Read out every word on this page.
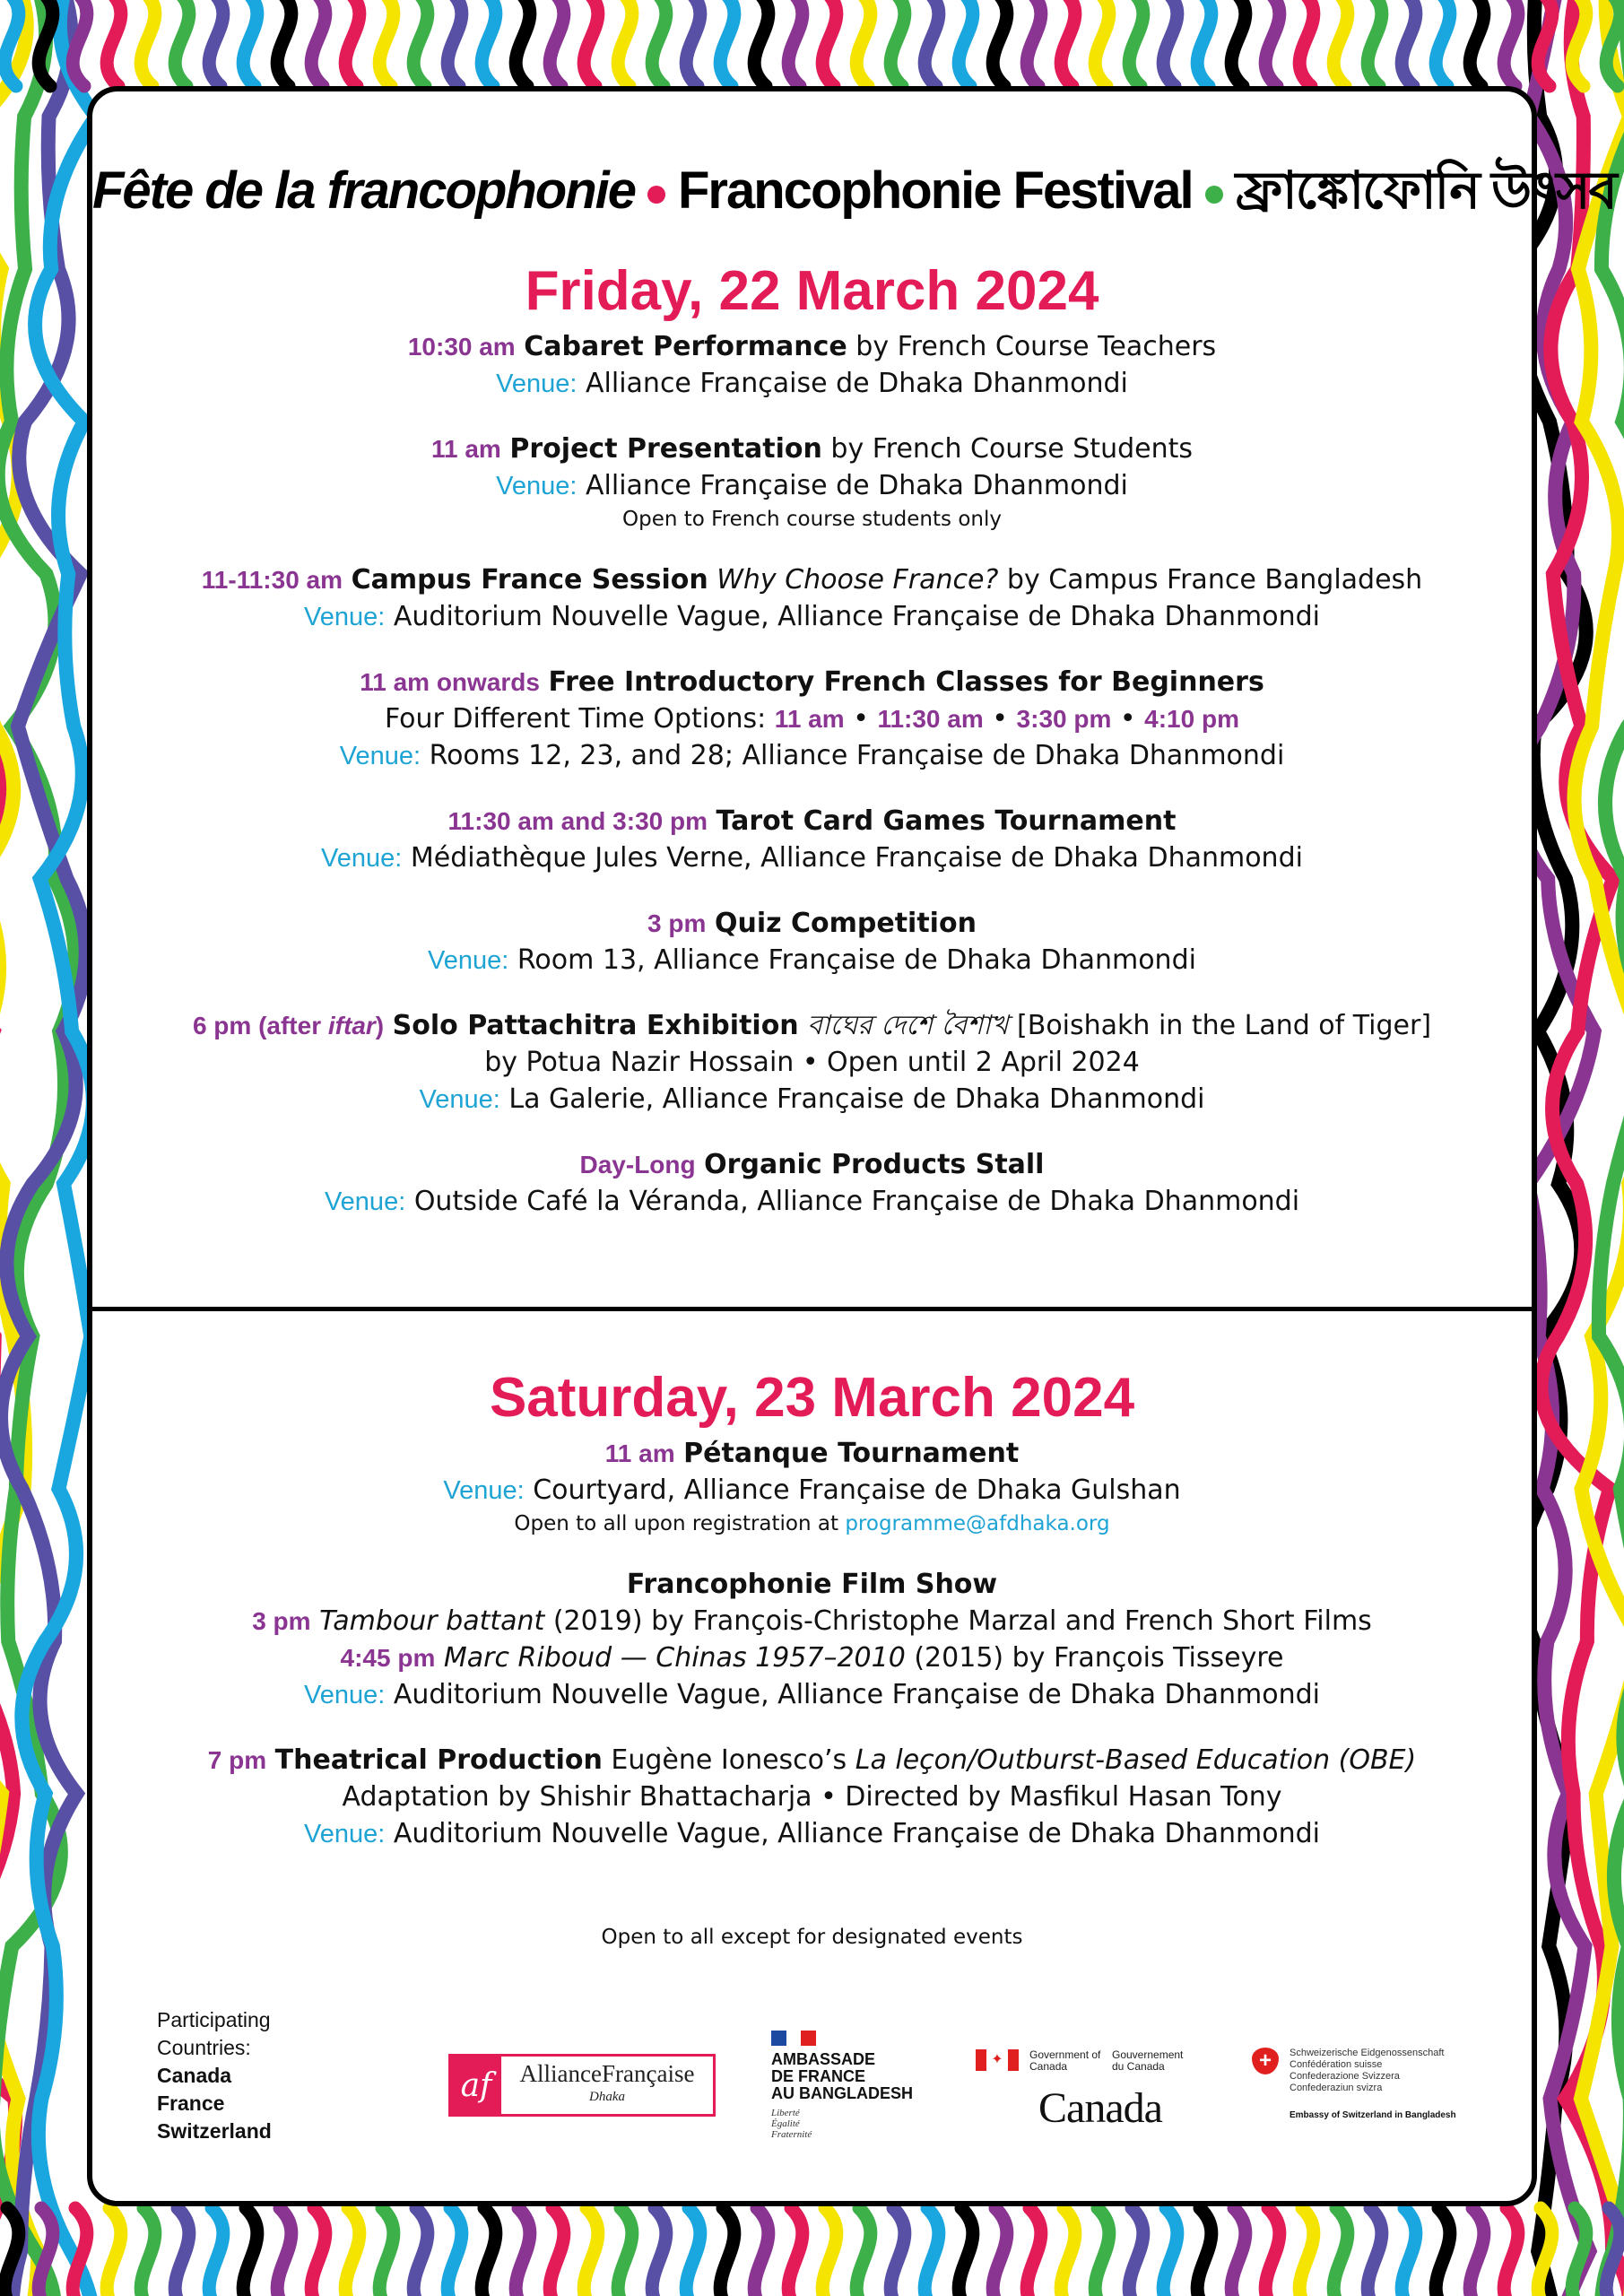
Fête de la francophonie Francophonie Festival ফ্রাঙ্কোফোনি উৎসব
Friday, 22 March 2024
10:30 am Cabaret Performance by French Course Teachers
Venue: Alliance Française de Dhaka Dhanmondi
11 am Project Presentation by French Course Students
Venue: Alliance Française de Dhaka Dhanmondi
Open to French course students only
11-11:30 am Campus France Session Why Choose France? by Campus France Bangladesh
Venue: Auditorium Nouvelle Vague, Alliance Française de Dhaka Dhanmondi
11 am onwards Free Introductory French Classes for Beginners
Four Different Time Options: 11 am • 11:30 am • 3:30 pm • 4:10 pm
Venue: Rooms 12, 23, and 28; Alliance Française de Dhaka Dhanmondi
11:30 am and 3:30 pm Tarot Card Games Tournament
Venue: Médiathèque Jules Verne, Alliance Française de Dhaka Dhanmondi
3 pm Quiz Competition
Venue: Room 13, Alliance Française de Dhaka Dhanmondi
6 pm (after iftar) Solo Pattachitra Exhibition বাঘের দেশে বৈশাখ [Boishakh in the Land of Tiger]
by Potua Nazir Hossain • Open until 2 April 2024
Venue: La Galerie, Alliance Française de Dhaka Dhanmondi
Day-Long Organic Products Stall
Venue: Outside Café la Véranda, Alliance Française de Dhaka Dhanmondi
Saturday, 23 March 2024
11 am Pétanque Tournament
Venue: Courtyard, Alliance Française de Dhaka Gulshan
Open to all upon registration at programme@afdhaka.org
Francophonie Film Show
3 pm Tambour battant (2019) by François-Christophe Marzal and French Short Films
4:45 pm Marc Riboud — Chinas 1957–2010 (2015) by François Tisseyre
Venue: Auditorium Nouvelle Vague, Alliance Française de Dhaka Dhanmondi
7 pm Theatrical Production Eugène Ionesco’s La leçon/Outburst-Based Education (OBE)
Adaptation by Shishir Bhattacharja • Directed by Masfikul Hasan Tony
Venue: Auditorium Nouvelle Vague, Alliance Française de Dhaka Dhanmondi
Open to all except for designated events
Participating
Countries:
Canada
France
Switzerland
af	AllianceFrançaise
Dhaka
AMBASSADE
DE FRANCE
AU BANGLADESH
Liberté
Égalité
Fraternité
✦	Government of Canada
Gouvernement du Canada
Canada
+	Schweizerische Eidgenossenschaft
Confédération suisse
Confederazione Svizzera
Confederaziun svizra
Embassy of Switzerland in Bangladesh
